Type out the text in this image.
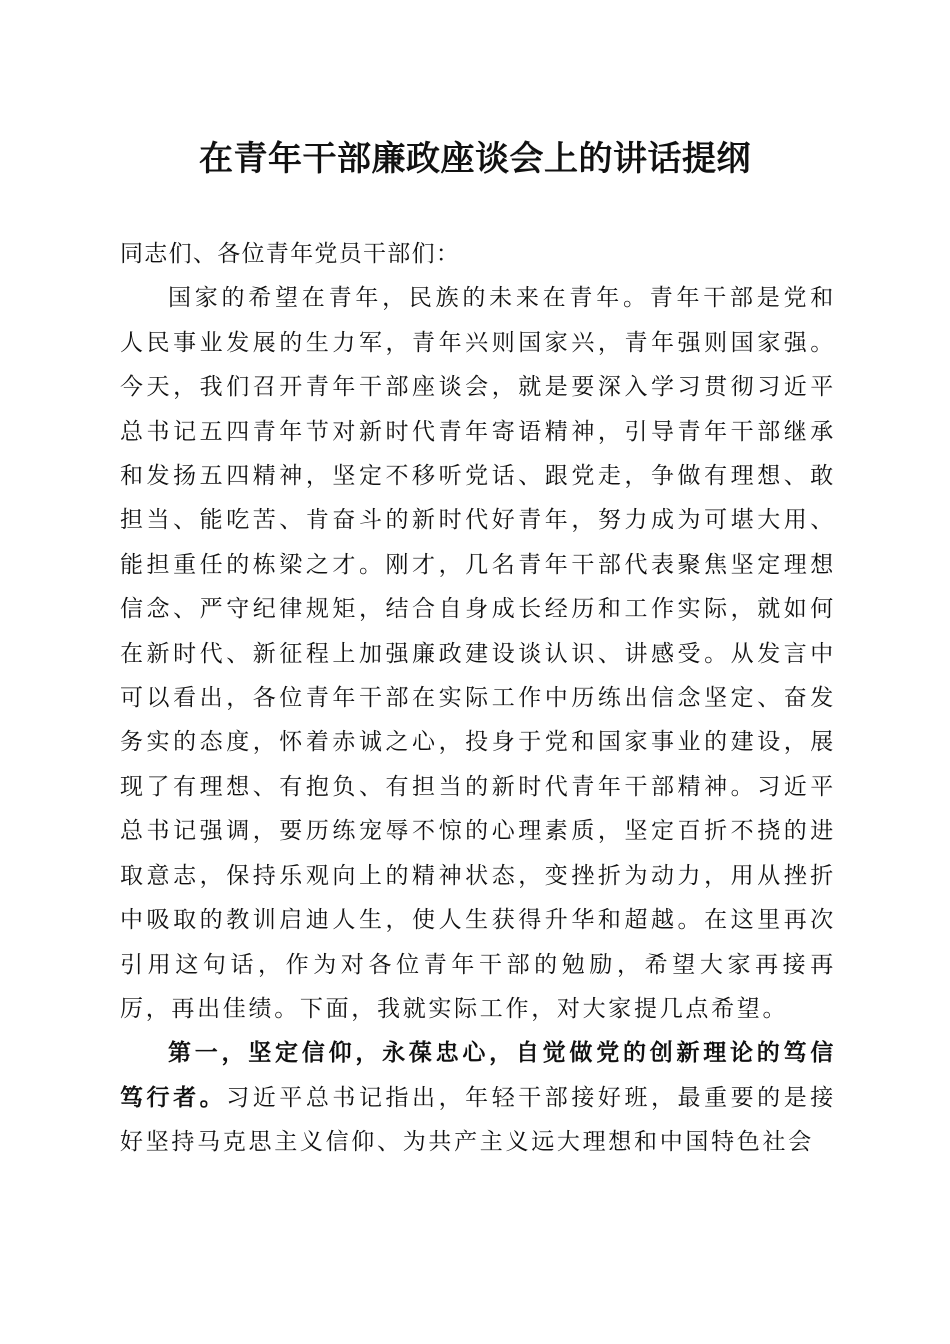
在青年干部廉政座谈会上的讲话提纲

同志们、各位青年党员干部们：

国家的希望在青年，民族的未来在青年。青年干部是党和人民事业发展的生力军，青年兴则国家兴，青年强则国家强。今天，我们召开青年干部座谈会，就是要深入学习贯彻习近平总书记五四青年节对新时代青年寄语精神，引导青年干部继承和发扬五四精神，坚定不移听党话、跟党走，争做有理想、敢担当、能吃苦、肯奋斗的新时代好青年，努力成为可堪大用、能担重任的栋梁之才。刚才，几名青年干部代表聚焦坚定理想信念、严守纪律规矩，结合自身成长经历和工作实际，就如何在新时代、新征程上加强廉政建设谈认识、讲感受。从发言中可以看出，各位青年干部在实际工作中历练出信念坚定、奋发务实的态度，怀着赤诚之心，投身于党和国家事业的建设，展现了有理想、有抱负、有担当的新时代青年干部精神。习近平总书记强调，要历练宠辱不惊的心理素质，坚定百折不挠的进取意志，保持乐观向上的精神状态，变挫折为动力，用从挫折中吸取的教训启迪人生，使人生获得升华和超越。在这里再次引用这句话，作为对各位青年干部的勉励，希望大家再接再厉，再出佳绩。下面，我就实际工作，对大家提几点希望。

第一，坚定信仰，永葆忠心，自觉做党的创新理论的笃信笃行者。习近平总书记指出，年轻干部接好班，最重要的是接好坚持马克思主义信仰、为共产主义远大理想和中国特色社会
